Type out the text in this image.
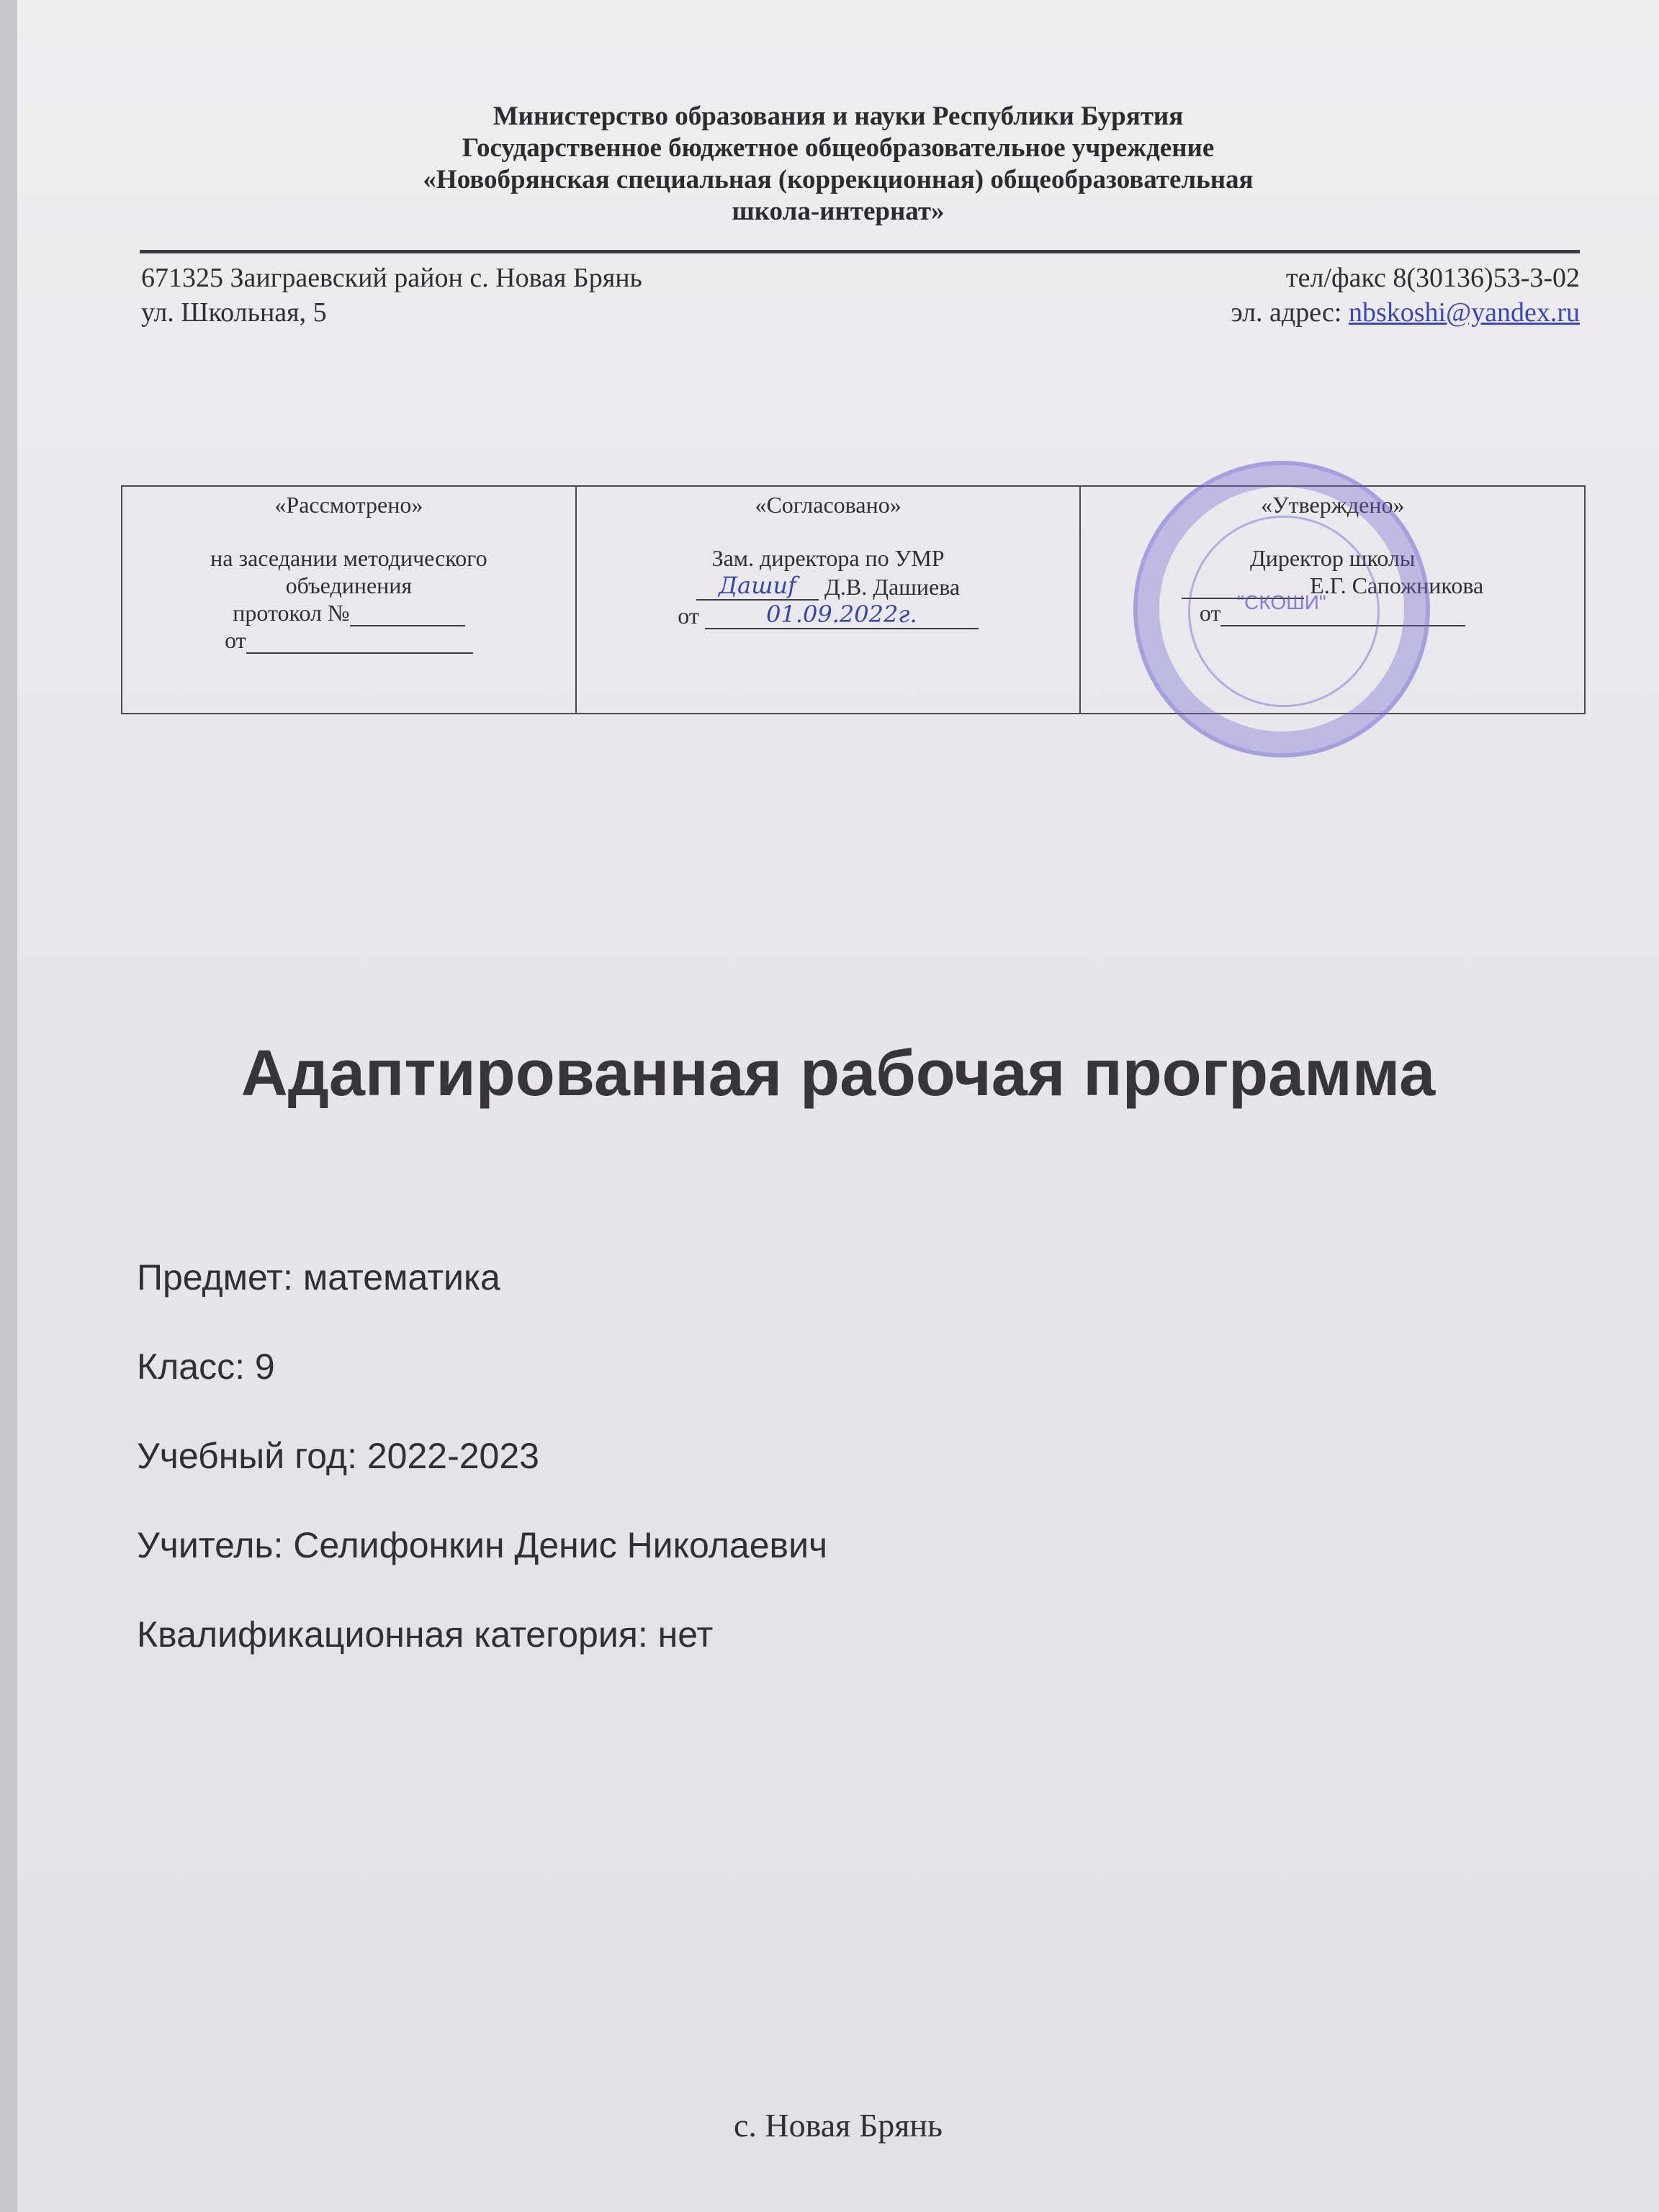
Министерство образования и науки Республики Бурятия
Государственное бюджетное общеобразовательное учреждение
«Новобрянская специальная (коррекционная) общеобразовательная
школа-интернат»
671325 Заиграевский район с. Новая Брянь
ул. Школьная, 5
тел/факс 8(30136)53-3-02
эл. адрес: nbskoshi@yandex.ru
«Рассмотрено»
на заседании методического
объединения
протокол №
от
«Согласовано»
Зам. директора по УМР
Дашиf Д.В. Дашиева
от	01.09.2022г.
«Утверждено»
Директор школы
Е.Г. Сапожникова
от "СКОШИ"
Адаптированная рабочая программа
Предмет: математика
Класс: 9
Учебный год: 2022-2023
Учитель: Селифонкин Денис Николаевич
Квалификационная категория: нет
с. Новая Брянь
